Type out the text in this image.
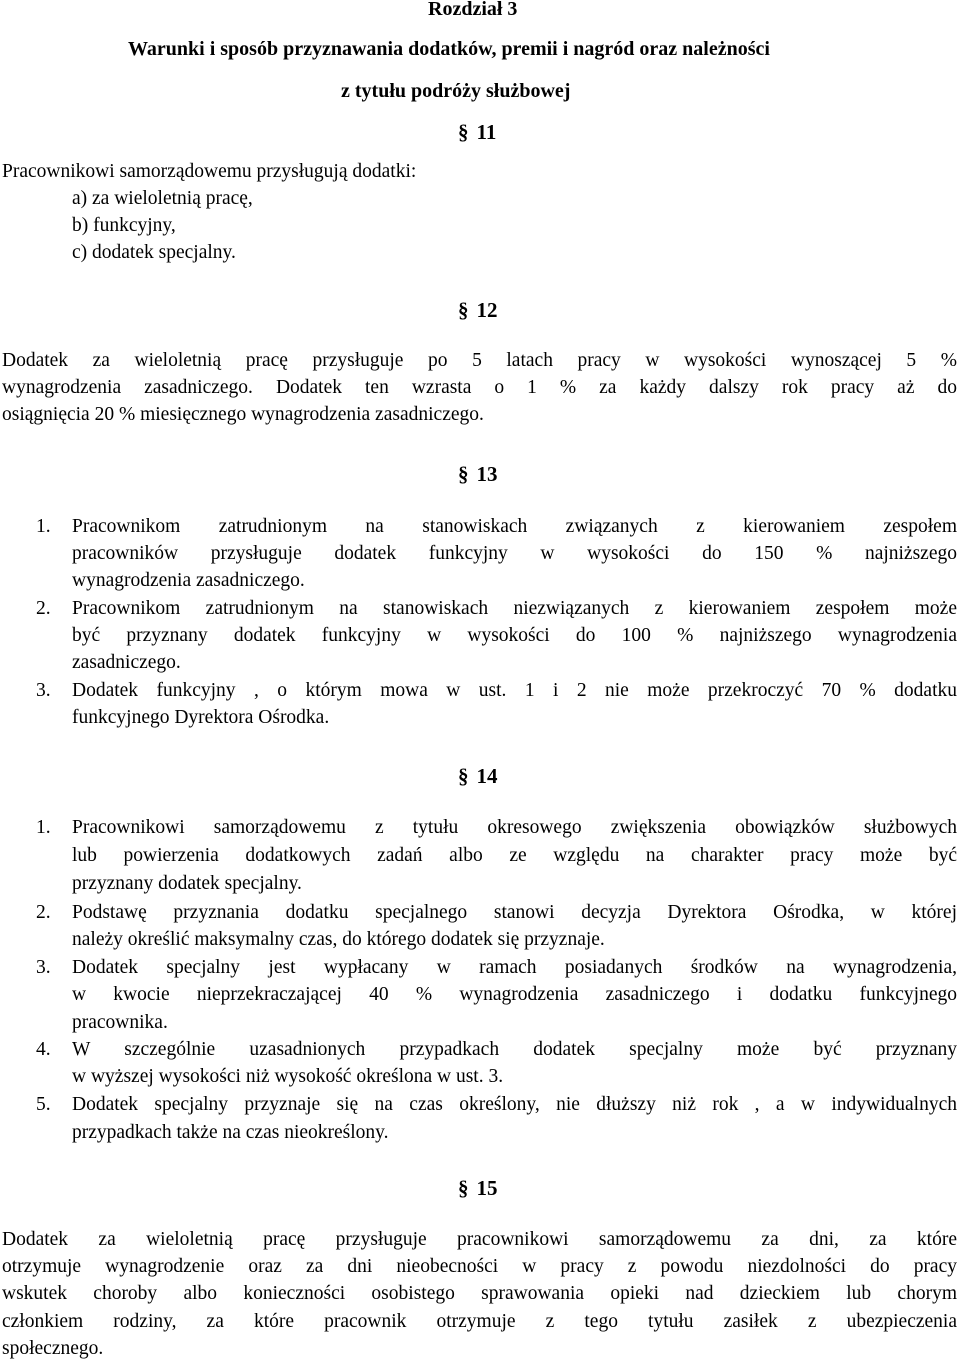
Rozdział 3
Warunki i sposób przyznawania dodatków, premii i nagród oraz należności
z tytułu podróży służbowej
§ 11
Pracownikowi samorządowemu przysługują dodatki:
a) za wieloletnią pracę,
b) funkcyjny,
c) dodatek specjalny.
§ 12
Dodatek za wieloletnią pracę przysługuje po 5 latach pracy w wysokości wynoszącej 5 %
wynagrodzenia zasadniczego. Dodatek ten wzrasta o 1 % za każdy dalszy rok pracy aż do
osiągnięcia 20 % miesięcznego wynagrodzenia zasadniczego.
§ 13
1. Pracownikom zatrudnionym na stanowiskach związanych z kierowaniem zespołem
pracowników przysługuje dodatek funkcyjny w wysokości do 150 % najniższego
wynagrodzenia zasadniczego.
2. Pracownikom zatrudnionym na stanowiskach niezwiązanych z kierowaniem zespołem może
być przyznany dodatek funkcyjny w wysokości do 100 % najniższego wynagrodzenia
zasadniczego.
3. Dodatek funkcyjny , o którym mowa w ust. 1 i 2 nie może przekroczyć 70 % dodatku
funkcyjnego Dyrektora Ośrodka.
§ 14
1. Pracownikowi samorządowemu z tytułu okresowego zwiększenia obowiązków służbowych
lub powierzenia dodatkowych zadań albo ze względu na charakter pracy może być
przyznany dodatek specjalny.
2. Podstawę przyznania dodatku specjalnego stanowi decyzja Dyrektora Ośrodka, w której
należy określić maksymalny czas, do którego dodatek się przyznaje.
3. Dodatek specjalny jest wypłacany w ramach posiadanych środków na wynagrodzenia,
w kwocie nieprzekraczającej 40 % wynagrodzenia zasadniczego i dodatku funkcyjnego
pracownika.
4. W szczególnie uzasadnionych przypadkach dodatek specjalny może być przyznany
w wyższej wysokości niż wysokość określona w ust. 3.
5. Dodatek specjalny przyznaje się na czas określony, nie dłuższy niż rok , a w indywidualnych
przypadkach także na czas nieokreślony.
§ 15
Dodatek za wieloletnią pracę przysługuje pracownikowi samorządowemu za dni, za które
otrzymuje wynagrodzenie oraz za dni nieobecności w pracy z powodu niezdolności do pracy
wskutek choroby albo konieczności osobistego sprawowania opieki nad dzieckiem lub chorym
członkiem rodziny, za które pracownik otrzymuje z tego tytułu zasiłek z ubezpieczenia
społecznego.
